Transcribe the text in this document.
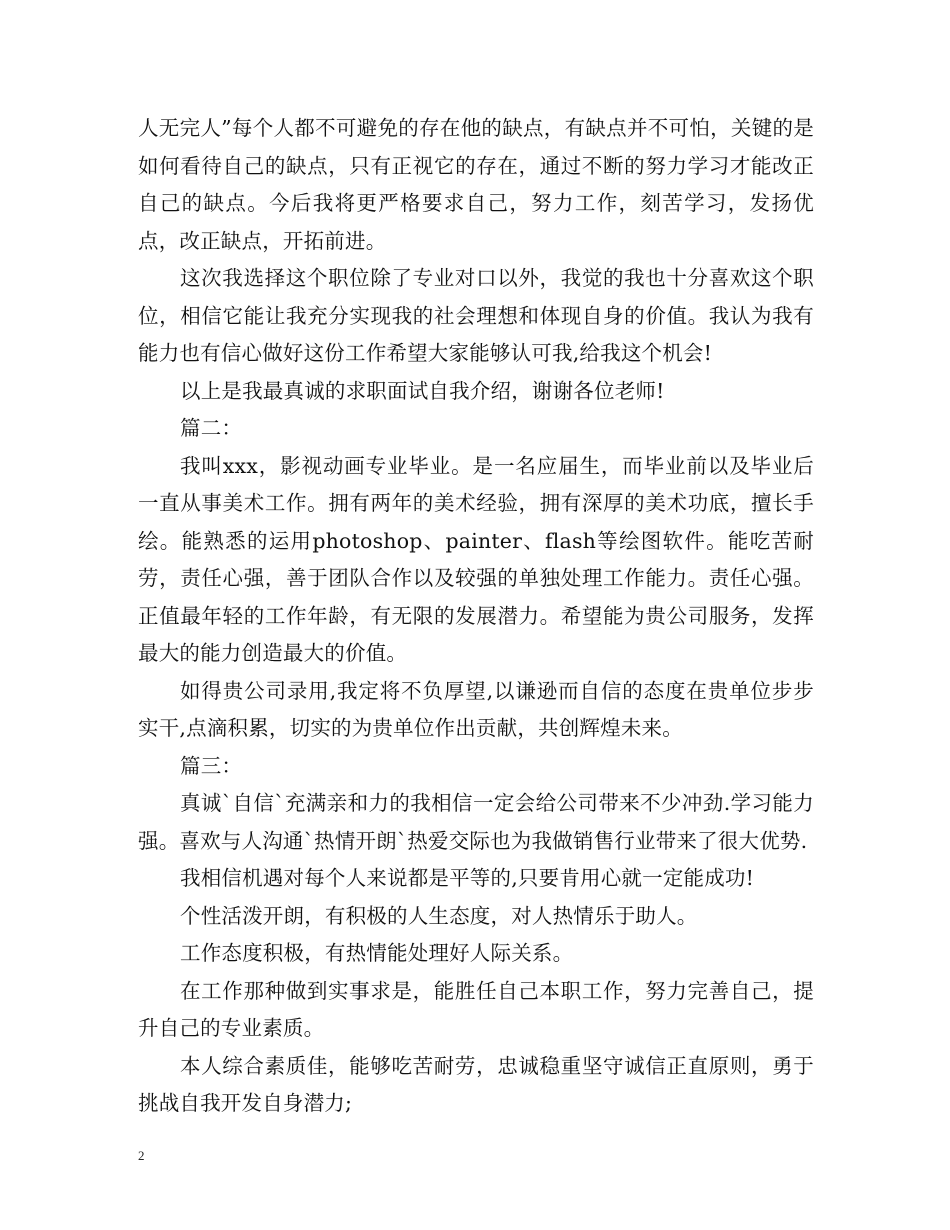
人无完人”每个人都不可避免的存在他的缺点，有缺点并不可怕，关键的是如何看待自己的缺点，只有正视它的存在，通过不断的努力学习才能改正自己的缺点。今后我将更严格要求自己，努力工作，刻苦学习，发扬优点，改正缺点，开拓前进。

这次我选择这个职位除了专业对口以外，我觉的我也十分喜欢这个职位，相信它能让我充分实现我的社会理想和体现自身的价值。我认为我有能力也有信心做好这份工作希望大家能够认可我,给我这个机会!

以上是我最真诚的求职面试自我介绍，谢谢各位老师!

篇二：

我叫xxx，影视动画专业毕业。是一名应届生，而毕业前以及毕业后一直从事美术工作。拥有两年的美术经验，拥有深厚的美术功底，擅长手绘。能熟悉的运用photoshop、painter、flash等绘图软件。能吃苦耐劳，责任心强，善于团队合作以及较强的单独处理工作能力。责任心强。正值最年轻的工作年龄，有无限的发展潜力。希望能为贵公司服务，发挥最大的能力创造最大的价值。

如得贵公司录用,我定将不负厚望,以谦逊而自信的态度在贵单位步步实干,点滴积累，切实的为贵单位作出贡献，共创辉煌未来。

篇三：

真诚`自信`充满亲和力的我相信一定会给公司带来不少冲劲.学习能力强。喜欢与人沟通`热情开朗`热爱交际也为我做销售行业带来了很大优势.

我相信机遇对每个人来说都是平等的,只要肯用心就一定能成功!

个性活泼开朗，有积极的人生态度，对人热情乐于助人。

工作态度积极，有热情能处理好人际关系。

在工作那种做到实事求是，能胜任自己本职工作，努力完善自己，提升自己的专业素质。

本人综合素质佳，能够吃苦耐劳，忠诚稳重坚守诚信正直原则，勇于挑战自我开发自身潜力;

2
